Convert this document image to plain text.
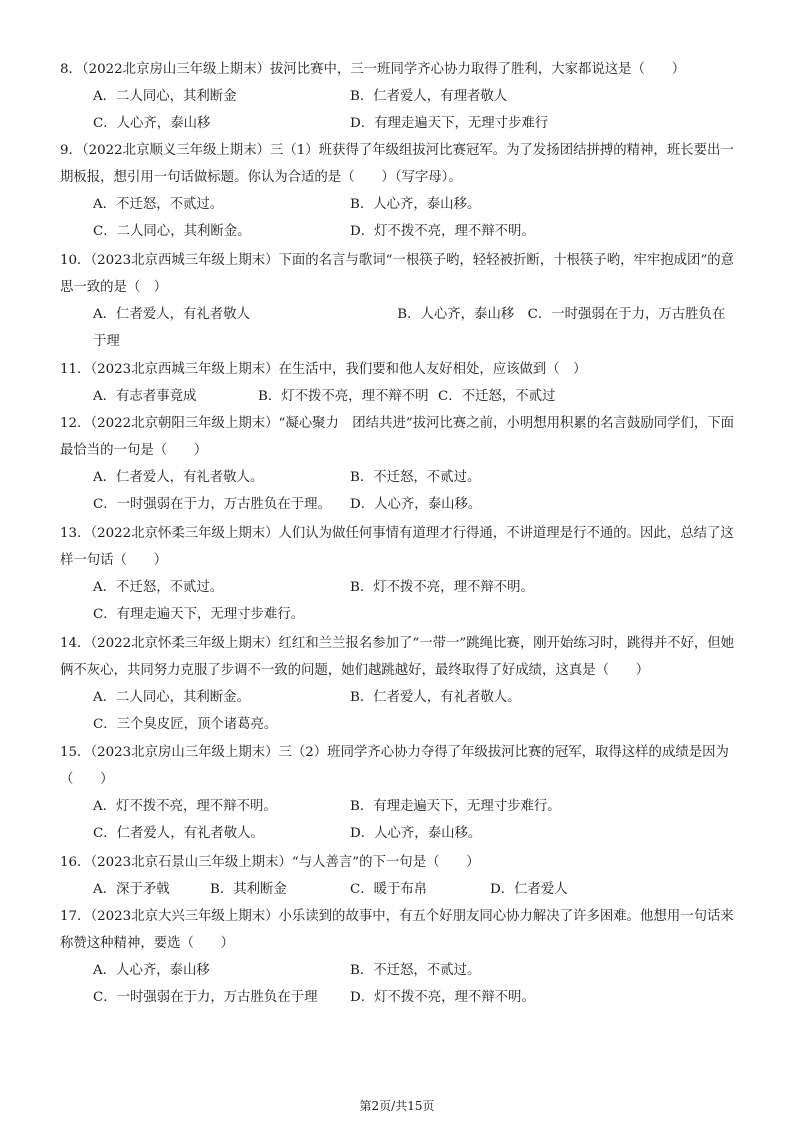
8．（2022北京房山三年级上期末）拔河比赛中，三一班同学齐心协力取得了胜利，大家都说这是（　　）
A．二人同心，其利断金	B．仁者爱人，有理者敬人
C．人心齐，泰山移	D．有理走遍天下，无理寸步难行
9．（2022北京顺义三年级上期末）三（1）班获得了年级组拔河比赛冠军。为了发扬团结拼搏的精神，班长要出一期板报，想引用一句话做标题。你认为合适的是（　　）（写字母）。
A．不迁怒，不贰过。	B．人心齐，泰山移。
C．二人同心，其利断金。	D．灯不拨不亮，理不辩不明。
10．（2023北京西城三年级上期末）下面的名言与歌词“一根筷子哟，轻轻被折断，十根筷子哟，牢牢抱成团”的意思一致的是（　）
A．仁者爱人，有礼者敬人　　　　　　　　　　　B．人心齐，泰山移　C．一时强弱在于力，万古胜负在于理
11．（2023北京西城三年级上期末）在生活中，我们要和他人友好相处，应该做到（　）
A．有志者事竟成	B．灯不拨不亮，理不辩不明 C．不迁怒，不贰过
12．（2022北京朝阳三年级上期末）“凝心聚力　团结共进”拔河比赛之前，小明想用积累的名言鼓励同学们，下面最恰当的一句是（　　）
A．仁者爱人，有礼者敬人。	B．不迁怒，不贰过。
C．一时强弱在于力，万古胜负在于理。 D．人心齐，泰山移。
13．（2022北京怀柔三年级上期末）人们认为做任何事情有道理才行得通，不讲道理是行不通的。因此，总结了这样一句话（　　）
A．不迁怒，不贰过。	B．灯不拨不亮，理不辩不明。
C．有理走遍天下，无理寸步难行。
14．（2022北京怀柔三年级上期末）红红和兰兰报名参加了“一带一”跳绳比赛，刚开始练习时，跳得并不好，但她俩不灰心，共同努力克服了步调不一致的问题，她们越跳越好，最终取得了好成绩，这真是（　　）
A．二人同心，其利断金。	B．仁者爱人，有礼者敬人。
C．三个臭皮匠，顶个诸葛亮。
15．（2023北京房山三年级上期末）三（2）班同学齐心协力夺得了年级拔河比赛的冠军，取得这样的成绩是因为（　　）
A．灯不拨不亮，理不辩不明。	B．有理走遍天下，无理寸步难行。
C．仁者爱人，有礼者敬人。	D．人心齐，泰山移。
16．（2023北京石景山三年级上期末）“与人善言”的下一句是（　　）
A．深于矛戟	B．其利断金	C．暖于布帛	D．仁者爱人
17．（2023北京大兴三年级上期末）小乐读到的故事中，有五个好朋友同心协力解决了许多困难。他想用一句话来称赞这种精神，要选（　　）
A．人心齐，泰山移	B．不迁怒，不贰过。
C．一时强弱在于力，万古胜负在于理 D．灯不拨不亮，理不辩不明。
第2页/共15页
